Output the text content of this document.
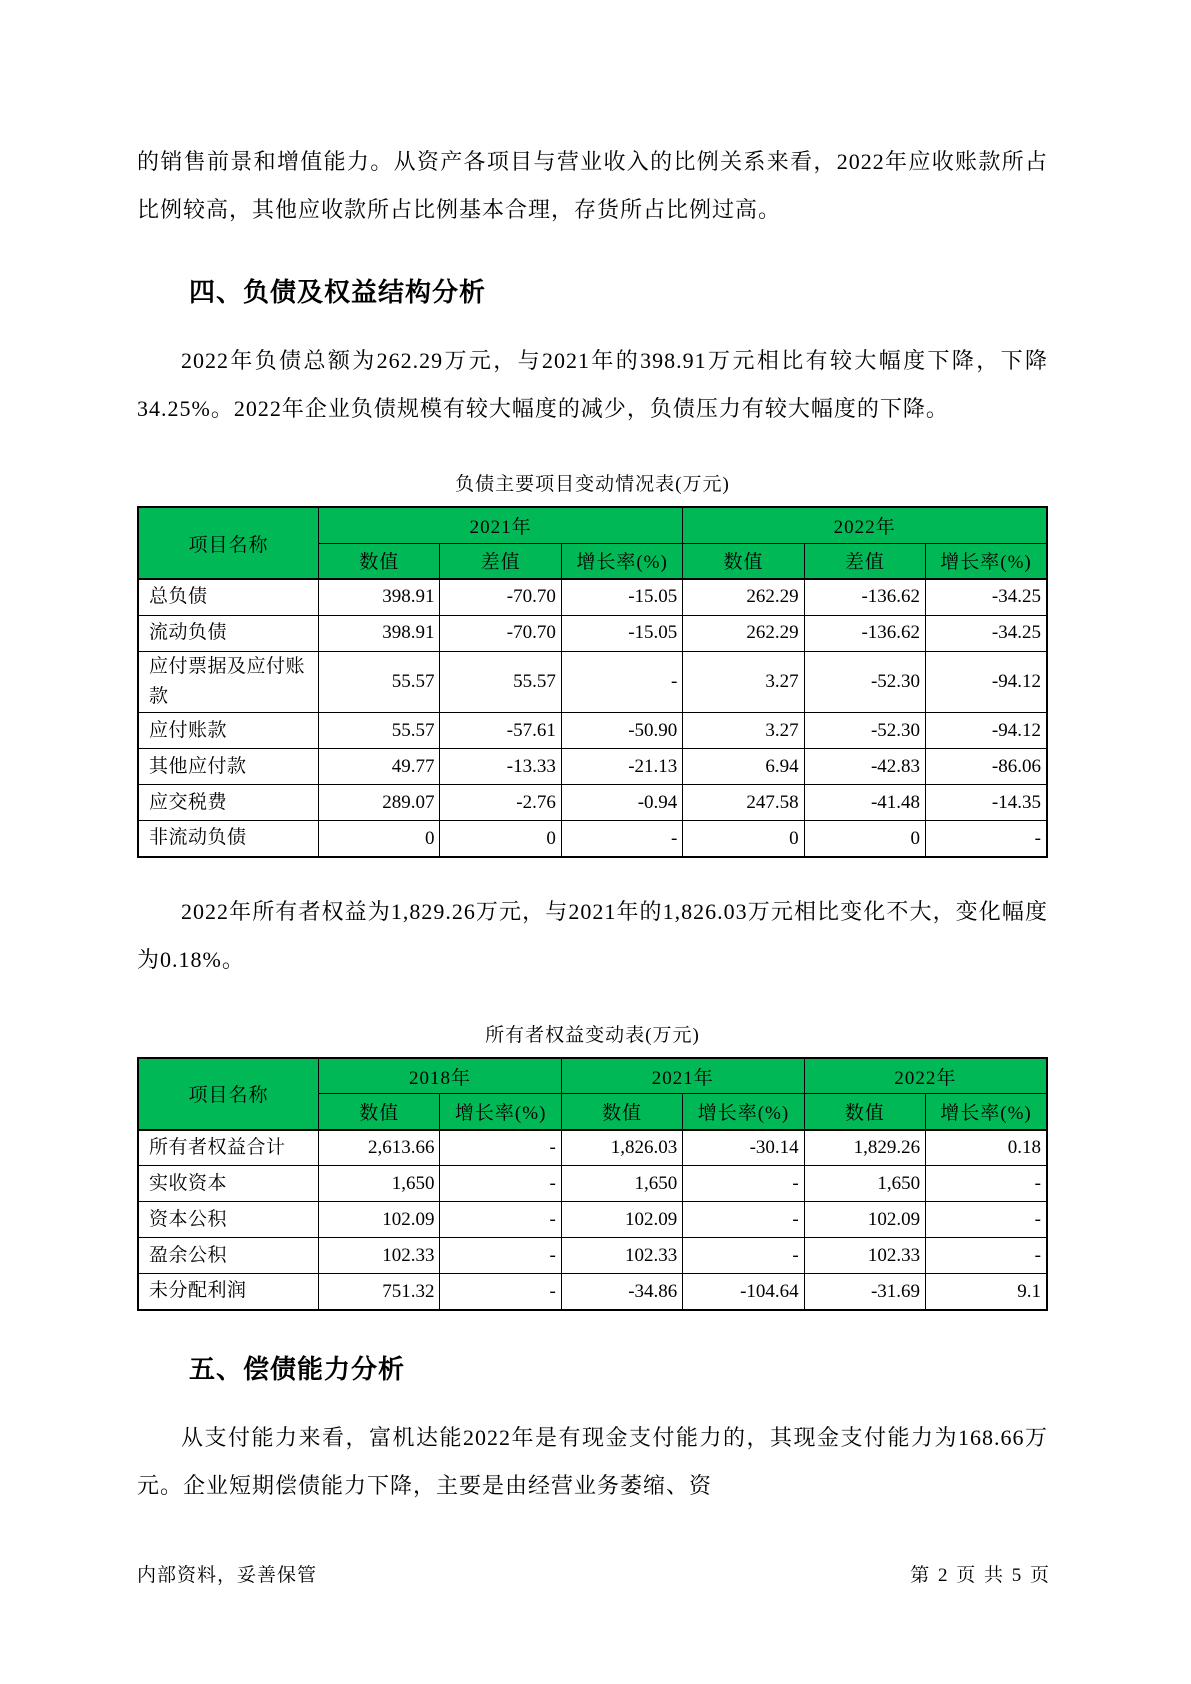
的销售前景和增值能力。从资产各项目与营业收入的比例关系来看，2022年应收账款所占比例较高，其他应收款所占比例基本合理，存货所占比例过高。

四、负债及权益结构分析

2022年负债总额为262.29万元，与2021年的398.91万元相比有较大幅度下降，下降34.25%。2022年企业负债规模有较大幅度的减少，负债压力有较大幅度的下降。

负债主要项目变动情况表(万元)
项目名称	2021年			2022年		
	数值	差值	增长率(%)	数值	差值	增长率(%)
总负债	398.91	-70.70	-15.05	262.29	-136.62	-34.25
流动负债	398.91	-70.70	-15.05	262.29	-136.62	-34.25
应付票据及应付账款	55.57	55.57	-	3.27	-52.30	-94.12
应付账款	55.57	-57.61	-50.90	3.27	-52.30	-94.12
其他应付款	49.77	-13.33	-21.13	6.94	-42.83	-86.06
应交税费	289.07	-2.76	-0.94	247.58	-41.48	-14.35
非流动负债	0	0	-	0	0	-

2022年所有者权益为1,829.26万元，与2021年的1,826.03万元相比变化不大，变化幅度为0.18%。

所有者权益变动表(万元)
项目名称	2018年		2021年		2022年	
	数值	增长率(%)	数值	增长率(%)	数值	增长率(%)
所有者权益合计	2,613.66	-	1,826.03	-30.14	1,829.26	0.18
实收资本	1,650	-	1,650	-	1,650	-
资本公积	102.09	-	102.09	-	102.09	-
盈余公积	102.33	-	102.33	-	102.33	-
未分配利润	751.32	-	-34.86	-104.64	-31.69	9.1
五、偿债能力分析

从支付能力来看，富机达能2022年是有现金支付能力的，其现金支付能力为168.66万元。企业短期偿债能力下降，主要是由经营业务萎缩、资

内部资料，妥善保管	第 2 页 共 5 页
